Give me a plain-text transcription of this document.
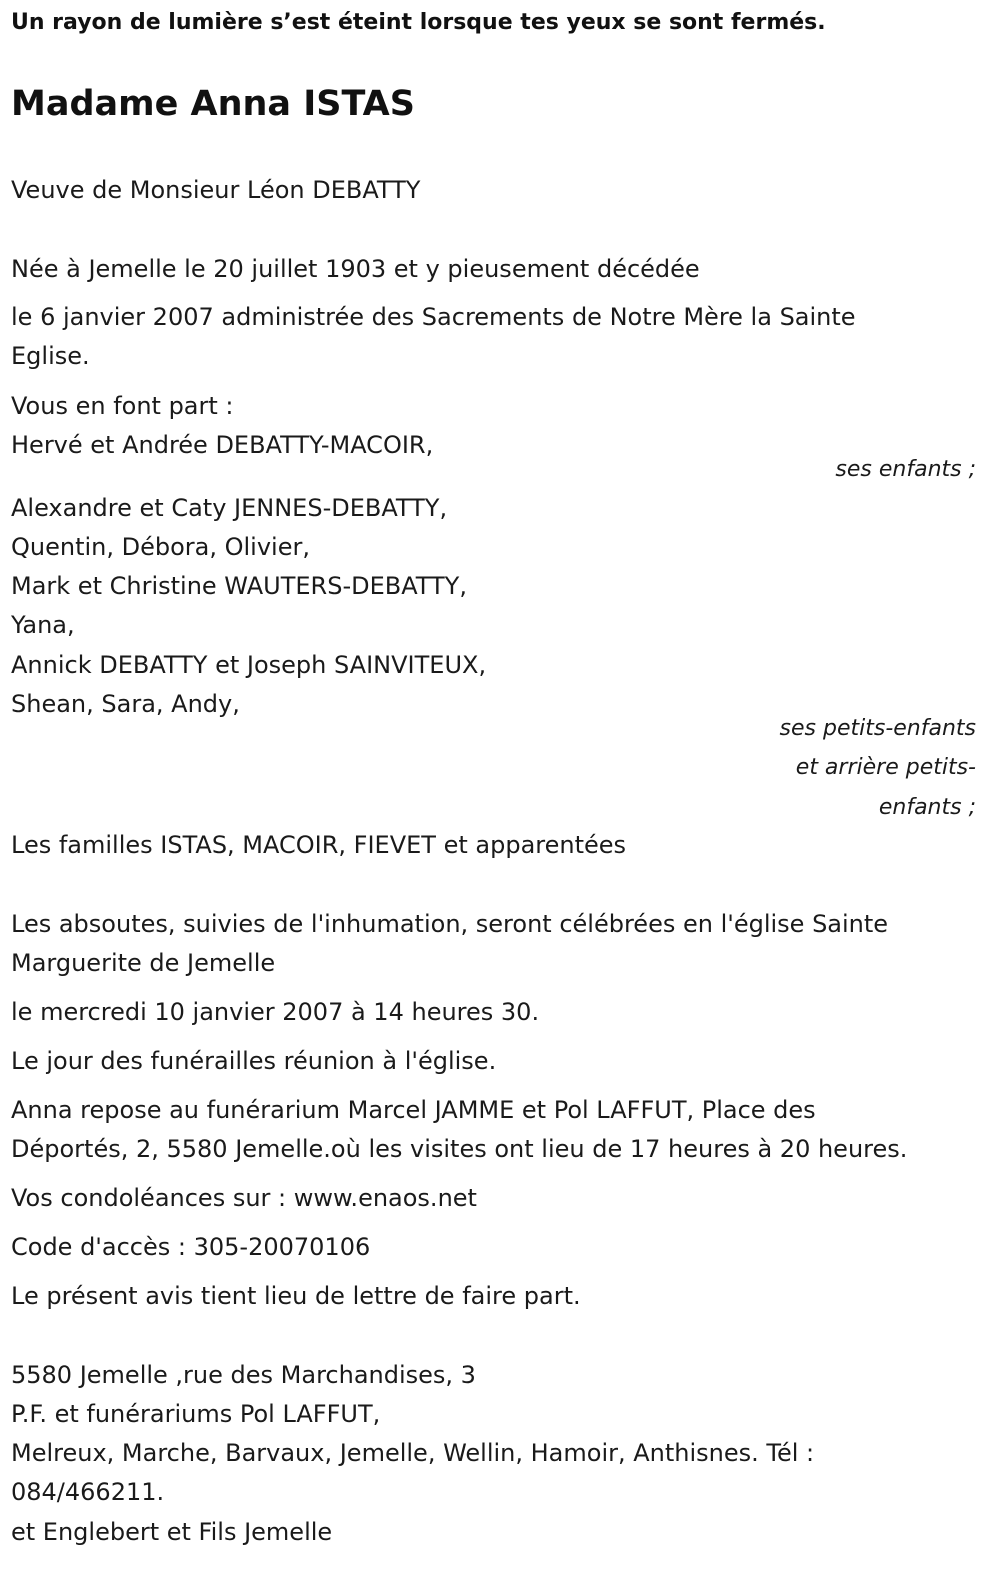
Un rayon de lumière s’est éteint lorsque tes yeux se sont fermés.
Madame Anna ISTAS
Veuve de Monsieur Léon DEBATTY
Née à Jemelle le 20 juillet 1903 et y pieusement décédée
le 6 janvier 2007 administrée des Sacrements de Notre Mère la Sainte
Eglise.
Vous en font part :
Hervé et Andrée DEBATTY-MACOIR,
ses enfants ;
Alexandre et Caty JENNES-DEBATTY,
Quentin, Débora, Olivier,
Mark et Christine WAUTERS-DEBATTY,
Yana,
Annick DEBATTY et Joseph SAINVITEUX,
Shean, Sara, Andy,
ses petits-enfants
et arrière petits-
enfants ;
Les familles ISTAS, MACOIR, FIEVET et apparentées
Les absoutes, suivies de l'inhumation, seront célébrées en l'église Sainte
Marguerite de Jemelle
le mercredi 10 janvier 2007 à 14 heures 30.
Le jour des funérailles réunion à l'église.
Anna repose au funérarium Marcel JAMME et Pol LAFFUT, Place des
Déportés, 2, 5580 Jemelle.où les visites ont lieu de 17 heures à 20 heures.
Vos condoléances sur : www.enaos.net
Code d'accès : 305-20070106
Le présent avis tient lieu de lettre de faire part.
5580 Jemelle ,rue des Marchandises, 3
P.F. et funérariums Pol LAFFUT,
Melreux, Marche, Barvaux, Jemelle, Wellin, Hamoir, Anthisnes. Tél :
084/466211.
et Englebert et Fils Jemelle
